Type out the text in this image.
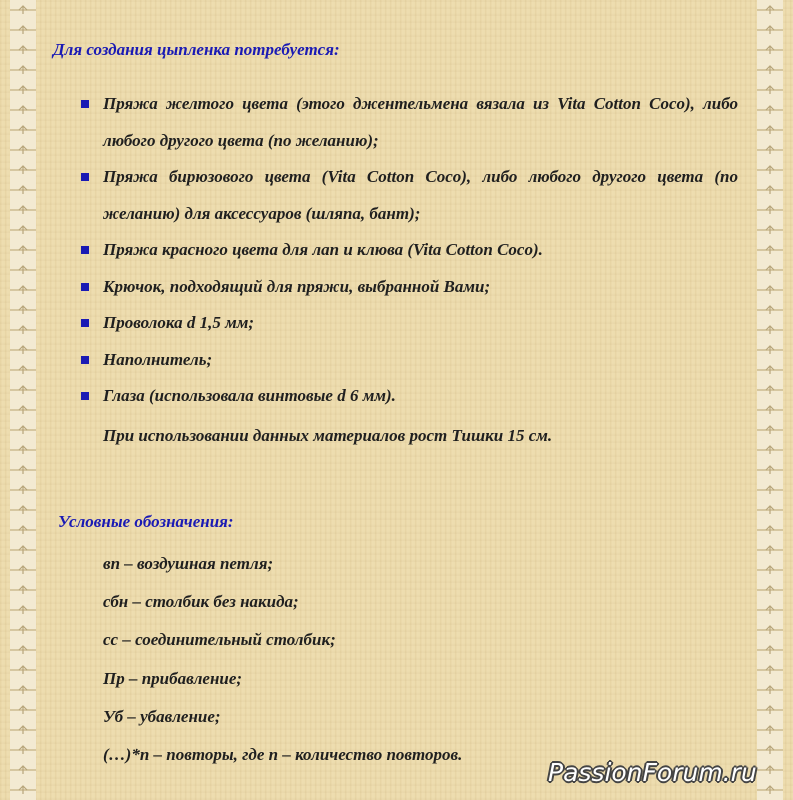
Для создания цыпленка потребуется:

Пряжа желтого цвета (этого джентельмена вязала из Vita Cotton Coco), либо любого другого цвета (по желанию);
Пряжа бирюзового цвета (Vita Cotton Coco), либо любого другого цвета (по желанию) для аксессуаров (шляпа, бант);
Пряжа красного цвета для лап и клюва (Vita Cotton Coco).
Крючок, подходящий для пряжи, выбранной Вами;
Проволока d 1,5 мм;
Наполнитель;
Глаза (использовала винтовые d 6 мм).
При использовании данных материалов рост Тишки 15 см.

Условные обозначения:

вп – воздушная петля;
сбн – столбик без накида;
сс – соединительный столбик;
Пр – прибавление;
Уб – убавление;
(…)*n – повторы, где n – количество повторов.
PassionForum.ru
